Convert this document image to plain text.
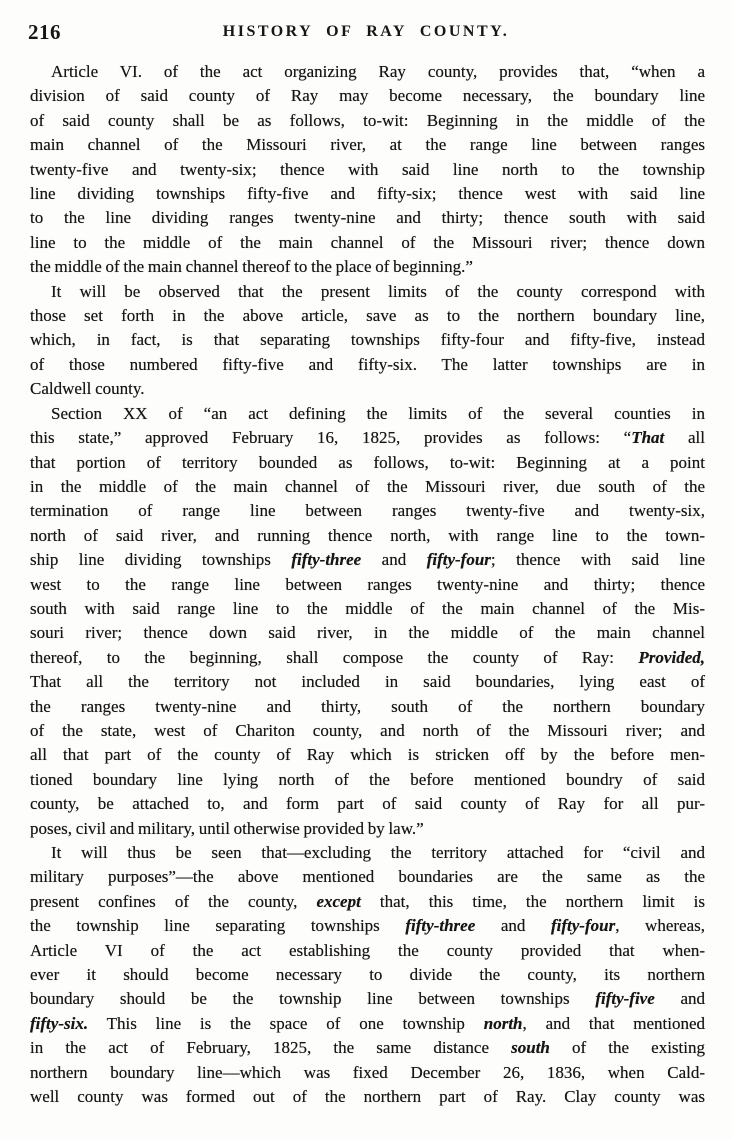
216	HISTORY OF RAY COUNTY.
Article VI. of the act organizing Ray county, provides that, “when a
division of said county of Ray may become necessary, the boundary line
of said county shall be as follows, to-wit: Beginning in the middle of the
main channel of the Missouri river, at the range line between ranges
twenty-five and twenty-six; thence with said line north to the township
line dividing townships fifty-five and fifty-six; thence west with said line
to the line dividing ranges twenty-nine and thirty; thence south with said
line to the middle of the main channel of the Missouri river; thence down
the middle of the main channel thereof to the place of beginning.”
It will be observed that the present limits of the county correspond with
those set forth in the above article, save as to the northern boundary line,
which, in fact, is that separating townships fifty-four and fifty-five, instead
of those numbered fifty-five and fifty-six. The latter townships are in
Caldwell county.
Section XX of “an act defining the limits of the several counties in
this state,” approved February 16, 1825, provides as follows: “That all
that portion of territory bounded as follows, to-wit: Beginning at a point
in the middle of the main channel of the Missouri river, due south of the
termination of range line between ranges twenty-five and twenty-six,
north of said river, and running thence north, with range line to the town-
ship line dividing townships fifty-three and fifty-four; thence with said line
west to the range line between ranges twenty-nine and thirty; thence
south with said range line to the middle of the main channel of the Mis-
souri river; thence down said river, in the middle of the main channel
thereof, to the beginning, shall compose the county of Ray: Provided,
That all the territory not included in said boundaries, lying east of
the ranges twenty-nine and thirty, south of the northern boundary
of the state, west of Chariton county, and north of the Missouri river; and
all that part of the county of Ray which is stricken off by the before men-
tioned boundary line lying north of the before mentioned boundry of said
county, be attached to, and form part of said county of Ray for all pur-
poses, civil and military, until otherwise provided by law.”
It will thus be seen that—excluding the territory attached for “civil and
military purposes”—the above mentioned boundaries are the same as the
present confines of the county, except that, this time, the northern limit is
the township line separating townships fifty-three and fifty-four, whereas,
Article VI of the act establishing the county provided that when-
ever it should become necessary to divide the county, its northern
boundary should be the township line between townships fifty-five and
fifty-six. This line is the space of one township north, and that mentioned
in the act of February, 1825, the same distance south of the existing
northern boundary line—which was fixed December 26, 1836, when Cald-
well county was formed out of the northern part of Ray. Clay county was
